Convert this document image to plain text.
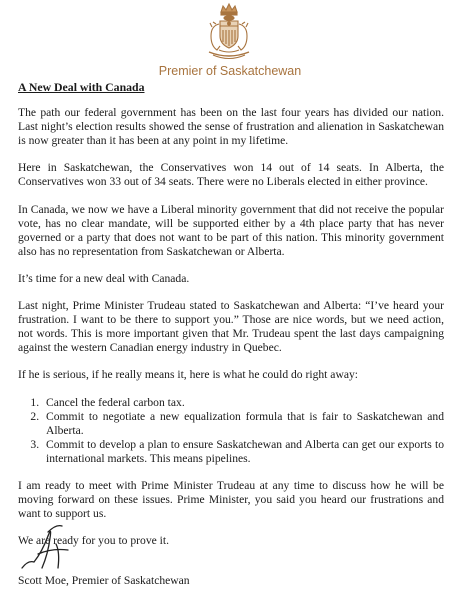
Premier of Saskatchewan
A New Deal with Canada

The path our federal government has been on the last four years has divided our nation. Last night’s election results showed the sense of frustration and alienation in Saskatchewan is now greater than it has been at any point in my lifetime.

Here in Saskatchewan, the Conservatives won 14 out of 14 seats. In Alberta, the Conservatives won 33 out of 34 seats. There were no Liberals elected in either province.

In Canada, we now we have a Liberal minority government that did not receive the popular vote, has no clear mandate, will be supported either by a 4th place party that has never governed or a party that does not want to be part of this nation. This minority government also has no representation from Saskatchewan or Alberta.

It’s time for a new deal with Canada.

Last night, Prime Minister Trudeau stated to Saskatchewan and Alberta: “I’ve heard your frustration. I want to be there to support you.” Those are nice words, but we need action, not words. This is more important given that Mr. Trudeau spent the last days campaigning against the western Canadian energy industry in Quebec.

If he is serious, if he really means it, here is what he could do right away:

1. Cancel the federal carbon tax.
2. Commit to negotiate a new equalization formula that is fair to Saskatchewan and Alberta.
3. Commit to develop a plan to ensure Saskatchewan and Alberta can get our exports to international markets. This means pipelines.

I am ready to meet with Prime Minister Trudeau at any time to discuss how he will be moving forward on these issues. Prime Minister, you said you heard our frustrations and want to support us.

We are ready for you to prove it.

Scott Moe, Premier of Saskatchewan
